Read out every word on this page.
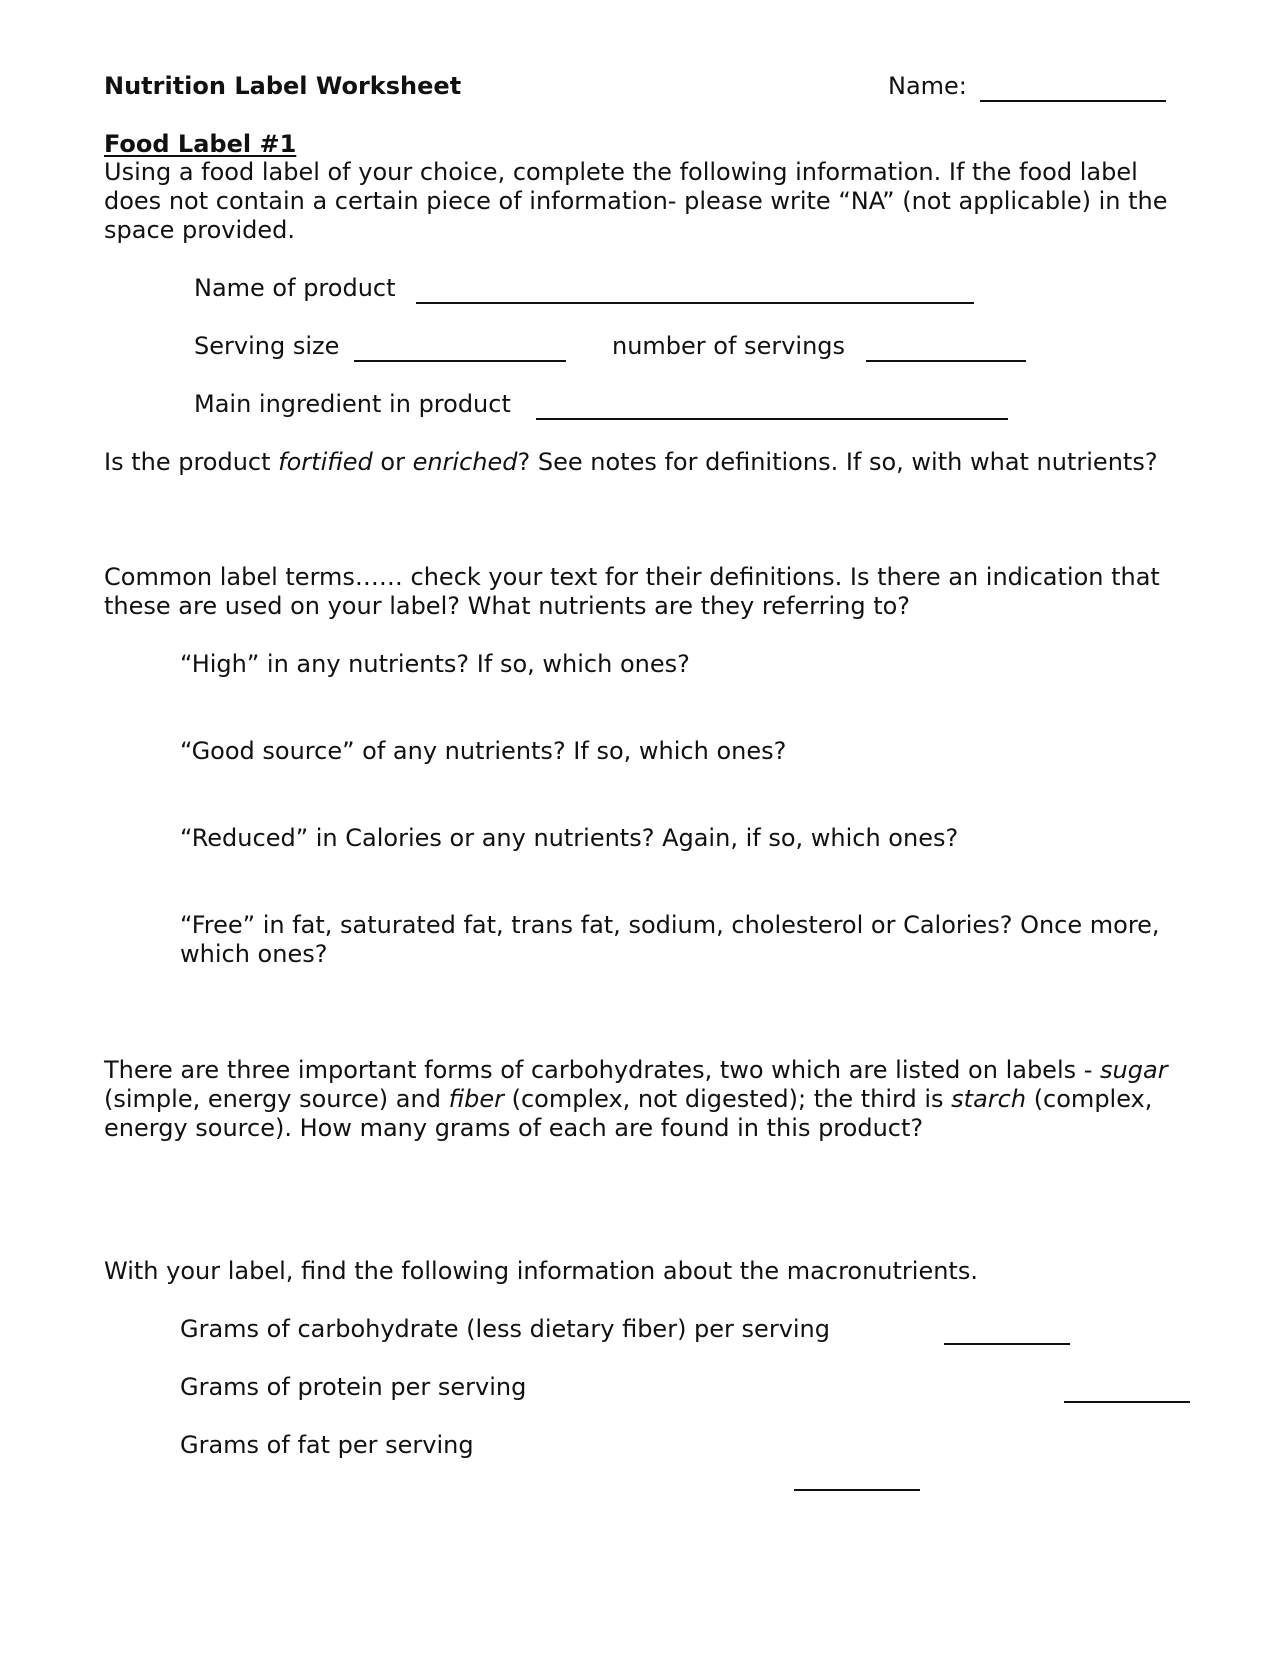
Nutrition Label Worksheet	Name:
Food Label #1
Using a food label of your choice, complete the following information. If the food label does not contain a certain piece of information- please write “NA” (not applicable) in the space provided.
Name of product
Serving size	number of servings
Main ingredient in product
Is the product fortified or enriched? See notes for definitions. If so, with what nutrients?
Common label terms…… check your text for their definitions. Is there an indication that these are used on your label? What nutrients are they referring to?
“High” in any nutrients? If so, which ones?
“Good source” of any nutrients? If so, which ones?
“Reduced” in Calories or any nutrients? Again, if so, which ones?
“Free” in fat, saturated fat, trans fat, sodium, cholesterol or Calories? Once more, which ones?
There are three important forms of carbohydrates, two which are listed on labels - sugar (simple, energy source) and fiber (complex, not digested); the third is starch (complex, energy source). How many grams of each are found in this product?
With your label, find the following information about the macronutrients.
Grams of carbohydrate (less dietary fiber) per serving
Grams of protein per serving
Grams of fat per serving
